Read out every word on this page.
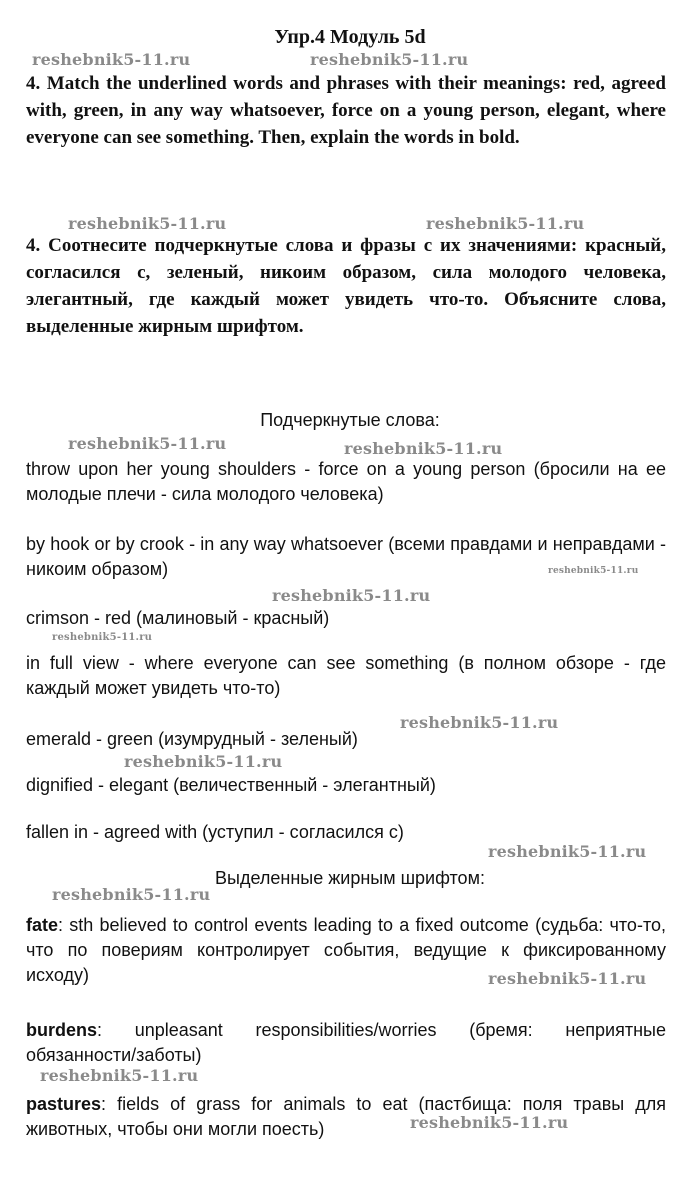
Упр.4 Модуль 5d
4. Match the underlined words and phrases with their meanings: red, agreed with, green, in any way whatsoever, force on a young person, elegant, where everyone can see something. Then, explain the words in bold.
4. Соотнесите подчеркнутые слова и фразы с их значениями: красный, согласился с, зеленый, никоим образом, сила молодого человека, элегантный, где каждый может увидеть что-то. Объясните слова, выделенные жирным шрифтом.
Подчеркнутые слова:

throw upon her young shoulders - force on a young person (бросили на ее молодые плечи - сила молодого человека)

by hook or by crook - in any way whatsoever (всеми правдами и неправдами - никоим образом)

crimson - red (малиновый - красный)

in full view - where everyone can see something (в полном обзоре - где каждый может увидеть что-то)

emerald - green (изумрудный - зеленый)

dignified - elegant (величественный - элегантный)

fallen in - agreed with (уступил - согласился с)

Выделенные жирным шрифтом:

fate: sth believed to control events leading to a fixed outcome (судьба: что-то, что по повериям контролирует события, ведущие к фиксированному исходу)

burdens: unpleasant responsibilities/worries (бремя: неприятные обязанности/заботы)

pastures: fields of grass for animals to eat (пастбища: поля травы для животных, чтобы они могли поесть)

reshebnik5-11.ru	reshebnik5-11.ru
reshebnik5-11.ru	reshebnik5-11.ru
reshebnik5-11.ru	reshebnik5-11.ru
reshebnik5-11.ru
reshebnik5-11.ru
reshebnik5-11.ru
reshebnik5-11.ru
reshebnik5-11.ru
reshebnik5-11.ru
reshebnik5-11.ru
reshebnik5-11.ru
reshebnik5-11.ru
reshebnik5-11.ru
